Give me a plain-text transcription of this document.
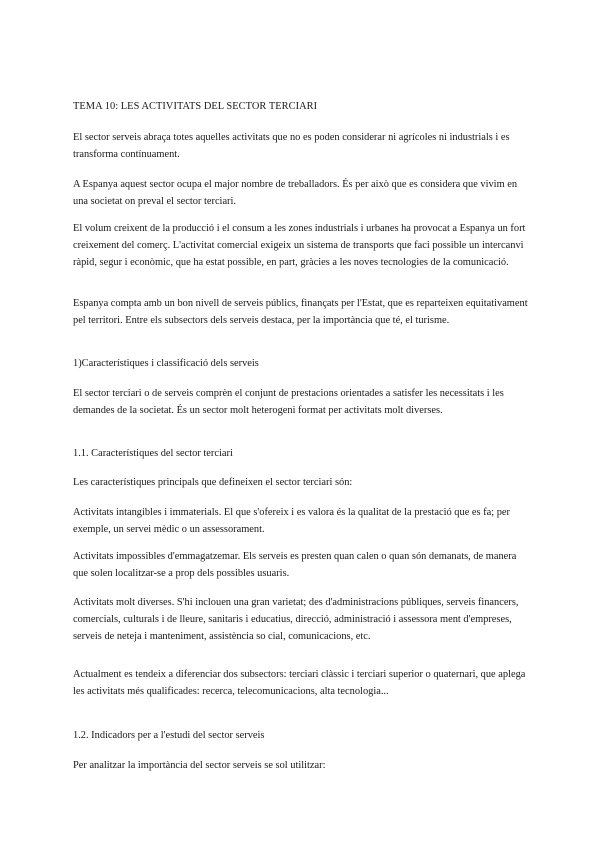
TEMA 10: LES ACTIVITATS DEL SECTOR TERCIARI

El sector serveis abraça totes aquelles activitats que no es poden considerar ni agrícoles ni industrials i es transforma contínuament.

A Espanya aquest sector ocupa el major nombre de treballadors. És per això que es considera que vivim en una societat on preval el sector terciari.

El volum creixent de la producció i el consum a les zones industrials i urbanes ha provocat a Espanya un fort creixement del comerç. L'activitat comercial exigeix un sistema de transports que faci possible un intercanvi ràpid, segur i econòmic, que ha estat possible, en part, gràcies a les noves tecnologies de la comunicació.

Espanya compta amb un bon nivell de serveis públics, finançats per l'Estat, que es reparteixen equitativament pel territori. Entre els subsectors dels serveis destaca, per la importància que té, el turisme.

1)Característiques i classificació dels serveis

El sector terciari o de serveis comprèn el conjunt de prestacions orientades a satisfer les necessitats i les demandes de la societat. És un sector molt heterogeni format per activitats molt diverses.

1.1. Característiques del sector terciari

Les característiques principals que defineixen el sector terciari són:

Activitats intangibles i immaterials. El que s'ofereix i es valora és la qualitat de la prestació que es fa; per exemple, un servei mèdic o un assessorament.

Activitats impossibles d'emmagatzemar. Els serveis es presten quan calen o quan són demanats, de manera que solen localitzar-se a prop dels possibles usuaris.

Activitats molt diverses. S'hi inclouen una gran varietat; des d'administracions públiques, serveis financers, comercials, culturals i de lleure, sanitaris i educatius, direcció, administració i assessora ment d'empreses, serveis de neteja i manteniment, assistència so cial, comunicacions, etc.

Actualment es tendeix a diferenciar dos subsectors: terciari clàssic i terciari superior o quaternari, que aplega les activitats més qualificades: recerca, telecomunicacions, alta tecnologia...

1.2. Indicadors per a l'estudi del sector serveis

Per analitzar la importància del sector serveis se sol utilitzar:
